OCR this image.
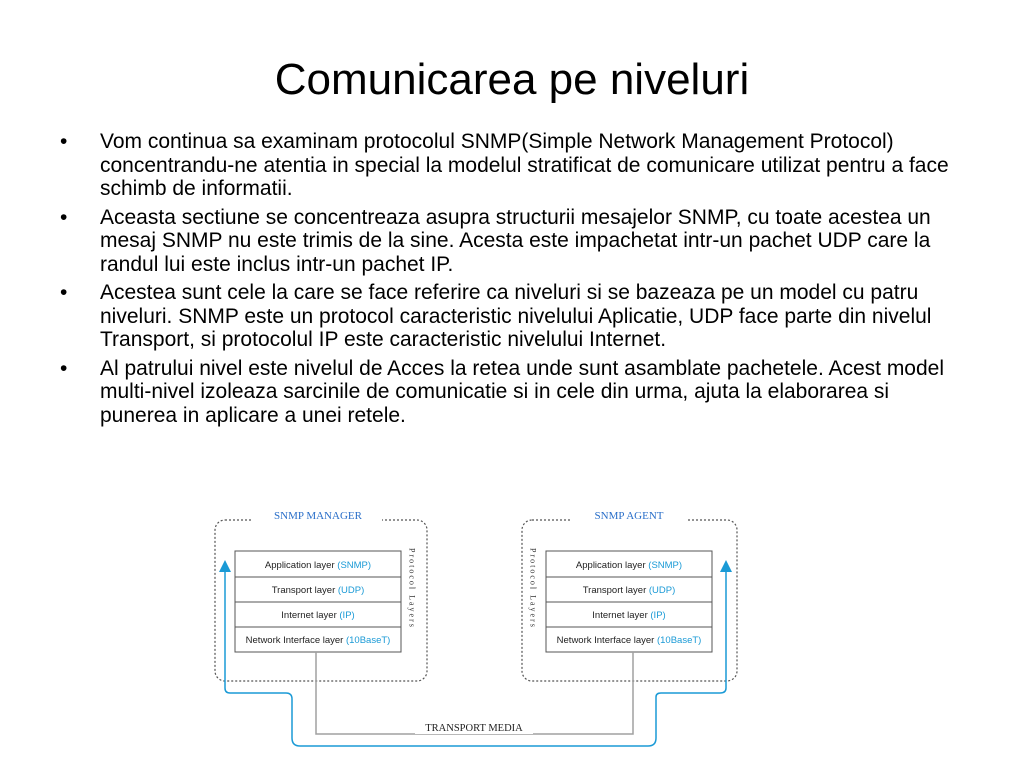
Comunicarea pe niveluri
• Vom continua sa examinam protocolul SNMP(Simple Network Management Protocol) concentrandu-ne atentia in special la modelul stratificat de comunicare utilizat pentru a face schimb de informatii.
• Aceasta sectiune se concentreaza asupra structurii mesajelor SNMP, cu toate acestea un mesaj SNMP nu este trimis de la sine. Acesta este impachetat intr-un pachet UDP care la randul lui este inclus intr-un pachet IP.
• Acestea sunt cele la care se face referire ca niveluri si se bazeaza pe un model cu patru niveluri. SNMP este un protocol caracteristic nivelului Aplicatie, UDP face parte din nivelul Transport, si protocolul IP este caracteristic nivelului Internet.
• Al patrului nivel este nivelul de Acces la retea unde sunt asamblate pachetele. Acest model multi-nivel izoleaza sarcinile de comunicatie si in cele din urma, ajuta la elaborarea si punerea in aplicare a unei retele.
SNMP MANAGER	SNMP AGENT
Application layer (SNMP)
Transport layer (UDP)
Internet layer (IP)
Network Interface layer (10BaseT)
Application layer (SNMP)
Transport layer (UDP)
Internet layer (IP)
Network Interface layer (10BaseT)
Protocol Layers	Protocol Layers
TRANSPORT MEDIA
